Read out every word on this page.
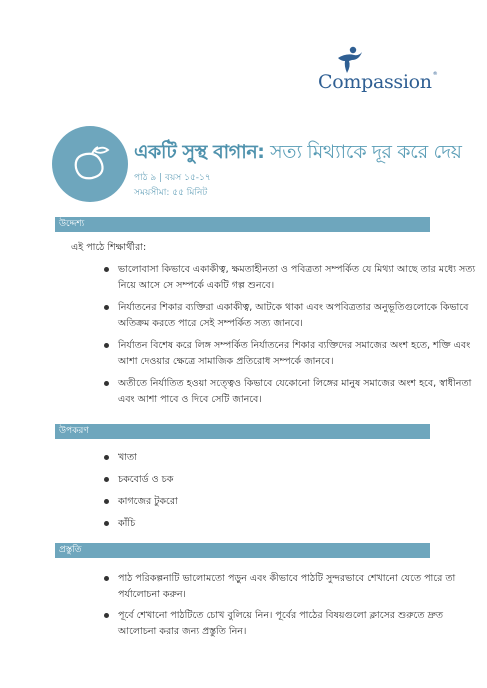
Compassion®
একটি সুস্থ বাগান: সত্য মিথ্যাকে দূর করে দেয়
পাঠ ৯ | বয়স ১৫-১৭
সময়সীমা: ৫৫ মিনিট
উদ্দেশ্য
এই পাঠে শিক্ষার্থীরা:
ভালোবাসা কিভাবে একাকীত্ব, ক্ষমতাহীনতা ও পবিত্রতা সম্পর্কিত যে মিথ্যা আছে তার মধ্যে সত্য
নিয়ে আসে সে সম্পর্কে একটি গল্প শুনবে।
নির্যাতনের শিকার ব্যক্তিরা একাকীত্ব, আটকে থাকা এবং অপবিত্রতার অনুভূতিগুলোকে কিভাবে
অতিক্রম করতে পারে সেই সম্পর্কিত সত্য জানবে।
নির্যাতন বিশেষ করে লিঙ্গ সম্পর্কিত নির্যাতনের শিকার ব্যক্তিদের সমাজের অংশ হতে, শক্তি এবং
আশা দেওয়ার ক্ষেত্রে সামাজিক প্রতিরোধ সম্পর্কে জানবে।
অতীতে নির্যাতিত হওয়া সত্ত্বেও কিভাবে যেকোনো লিঙ্গের মানুষ সমাজের অংশ হবে, স্বাধীনতা
এবং আশা পাবে ও দিবে সেটি জানবে।
উপকরণ
খাতা
চকবোর্ড ও চক
কাগজের টুকরো
কাঁচি
প্রস্তুতি
পাঠ পরিকল্পনাটি ভালোমতো পড়ুন এবং কীভাবে পাঠটি সুন্দরভাবে শেখানো যেতে পারে তা
পর্যালোচনা করুন।
পূর্বে শেখানো পাঠটিতে চোখ বুলিয়ে নিন। পূর্বের পাঠের বিষয়গুলো ক্লাসের শুরুতে দ্রুত
আলোচনা করার জন্য প্রস্তুতি নিন।
